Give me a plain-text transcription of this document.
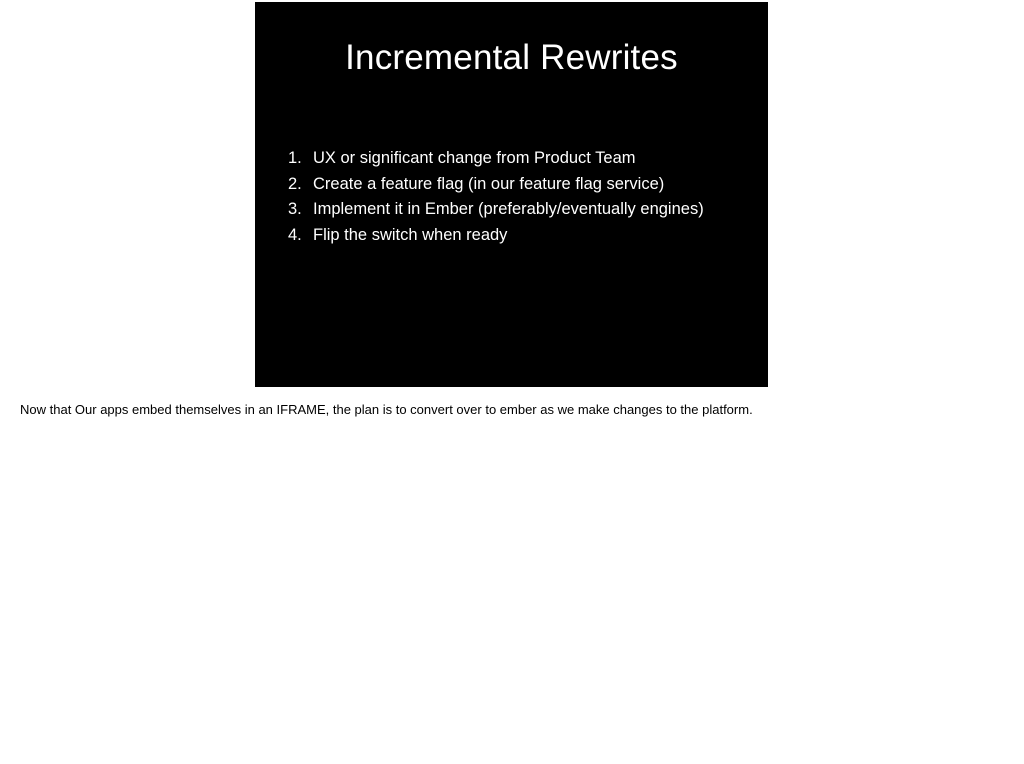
Incremental Rewrites
1. UX or significant change from Product Team
2. Create a feature flag (in our feature flag service)
3. Implement it in Ember (preferably/eventually engines)
4. Flip the switch when ready
Now that Our apps embed themselves in an IFRAME, the plan is to convert over to ember as we make changes to the platform.
